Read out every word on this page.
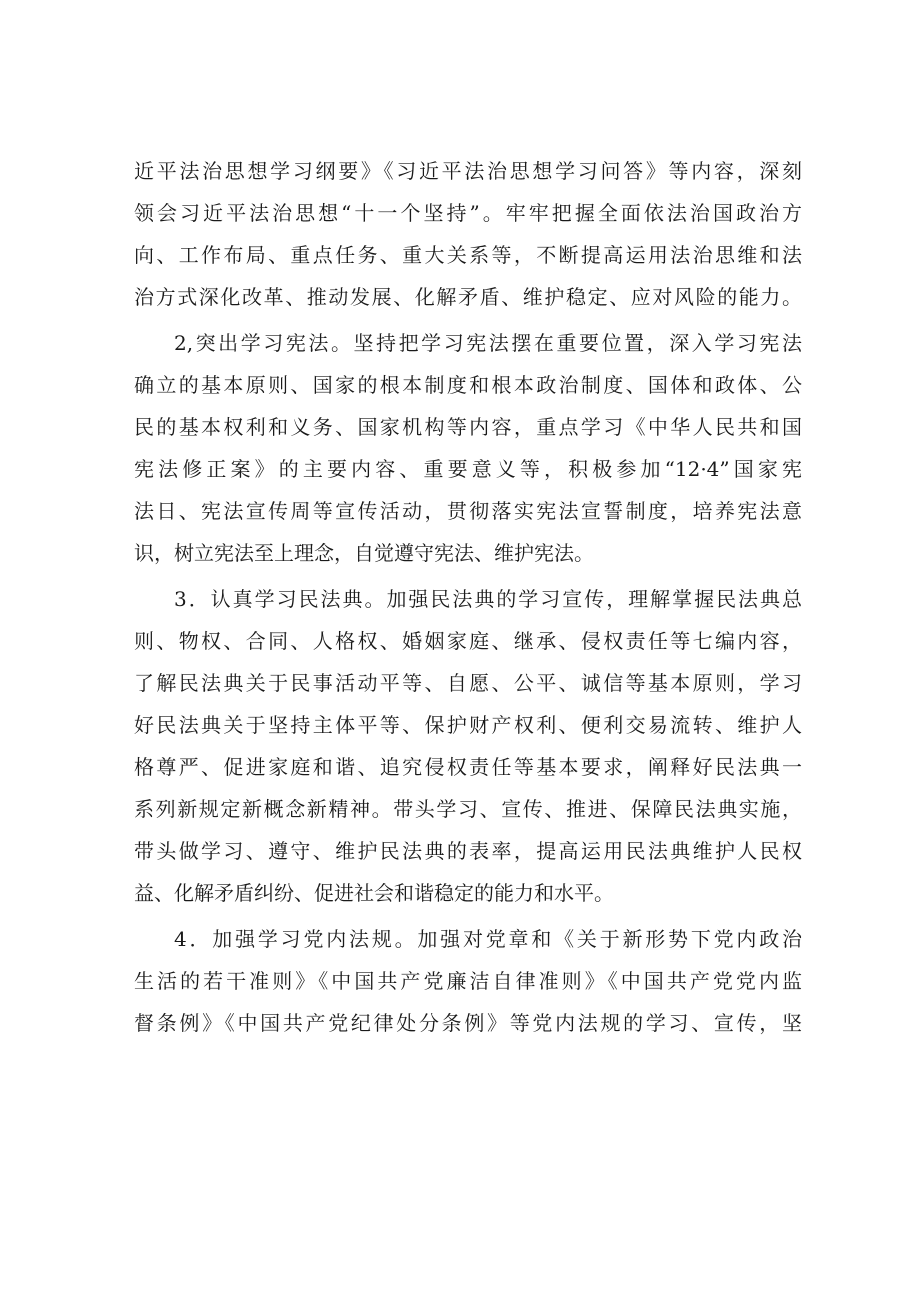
近平法治思想学习纲要》《习近平法治思想学习问答》等内容，深刻
领会习近平法治思想“十一个坚持”。牢牢把握全面依法治国政治方
向、工作布局、重点任务、重大关系等，不断提高运用法治思维和法
治方式深化改革、推动发展、化解矛盾、维护稳定、应对风险的能力。
2,突出学习宪法。坚持把学习宪法摆在重要位置，深入学习宪法
确立的基本原则、国家的根本制度和根本政治制度、国体和政体、公
民的基本权利和义务、国家机构等内容，重点学习《中华人民共和国
宪法修正案》的主要内容、重要意义等，积极参加“12·4”国家宪
法日、宪法宣传周等宣传活动，贯彻落实宪法宣誓制度，培养宪法意
识，树立宪法至上理念，自觉遵守宪法、维护宪法。
3．认真学习民法典。加强民法典的学习宣传，理解掌握民法典总
则、物权、合同、人格权、婚姻家庭、继承、侵权责任等七编内容，
了解民法典关于民事活动平等、自愿、公平、诚信等基本原则，学习
好民法典关于坚持主体平等、保护财产权利、便利交易流转、维护人
格尊严、促进家庭和谐、追究侵权责任等基本要求，阐释好民法典一
系列新规定新概念新精神。带头学习、宣传、推进、保障民法典实施，
带头做学习、遵守、维护民法典的表率，提高运用民法典维护人民权
益、化解矛盾纠纷、促进社会和谐稳定的能力和水平。
4．加强学习党内法规。加强对党章和《关于新形势下党内政治
生活的若干准则》《中国共产党廉洁自律准则》《中国共产党党内监
督条例》《中国共产党纪律处分条例》等党内法规的学习、宣传，坚
